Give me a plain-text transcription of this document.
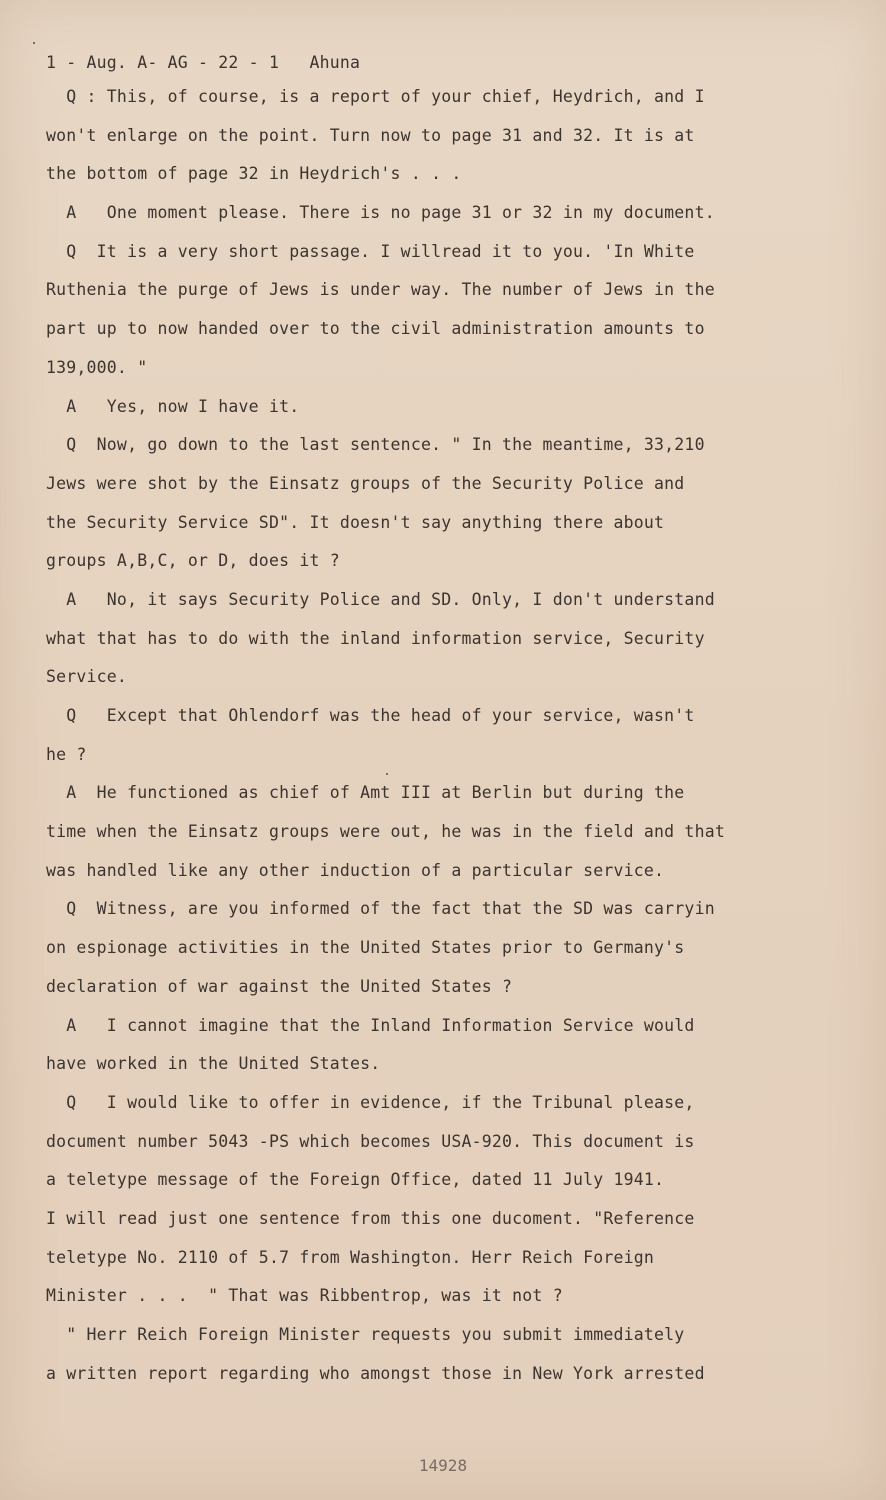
1 - Aug. A- AG - 22 - 1   Ahuna
Q : This, of course, is a report of your chief, Heydrich, and I
won't enlarge on the point. Turn now to page 31 and 32. It is at
the bottom of page 32 in Heydrich's . . .
A   One moment please. There is no page 31 or 32 in my document.
Q  It is a very short passage. I willread it to you. 'In White
Ruthenia the purge of Jews is under way. The number of Jews in the
part up to now handed over to the civil administration amounts to
139,000. "
A   Yes, now I have it.
Q  Now, go down to the last sentence. " In the meantime, 33,210
Jews were shot by the Einsatz groups of the Security Police and
the Security Service SD". It doesn't say anything there about
groups A,B,C, or D, does it ?
A   No, it says Security Police and SD. Only, I don't understand
what that has to do with the inland information service, Security
Service.
Q   Except that Ohlendorf was the head of your service, wasn't
he ?
A  He functioned as chief of Amt III at Berlin but during the
time when the Einsatz groups were out, he was in the field and that
was handled like any other induction of a particular service.
Q  Witness, are you informed of the fact that the SD was carryin
on espionage activities in the United States prior to Germany's
declaration of war against the United States ?
A   I cannot imagine that the Inland Information Service would
have worked in the United States.
Q   I would like to offer in evidence, if the Tribunal please,
document number 5043 -PS which becomes USA-920. This document is
a teletype message of the Foreign Office, dated 11 July 1941.
I will read just one sentence from this one ducoment. "Reference
teletype No. 2110 of 5.7 from Washington. Herr Reich Foreign
Minister . . .  " That was Ribbentrop, was it not ?
" Herr Reich Foreign Minister requests you submit immediately
a written report regarding who amongst those in New York arrested
14928
